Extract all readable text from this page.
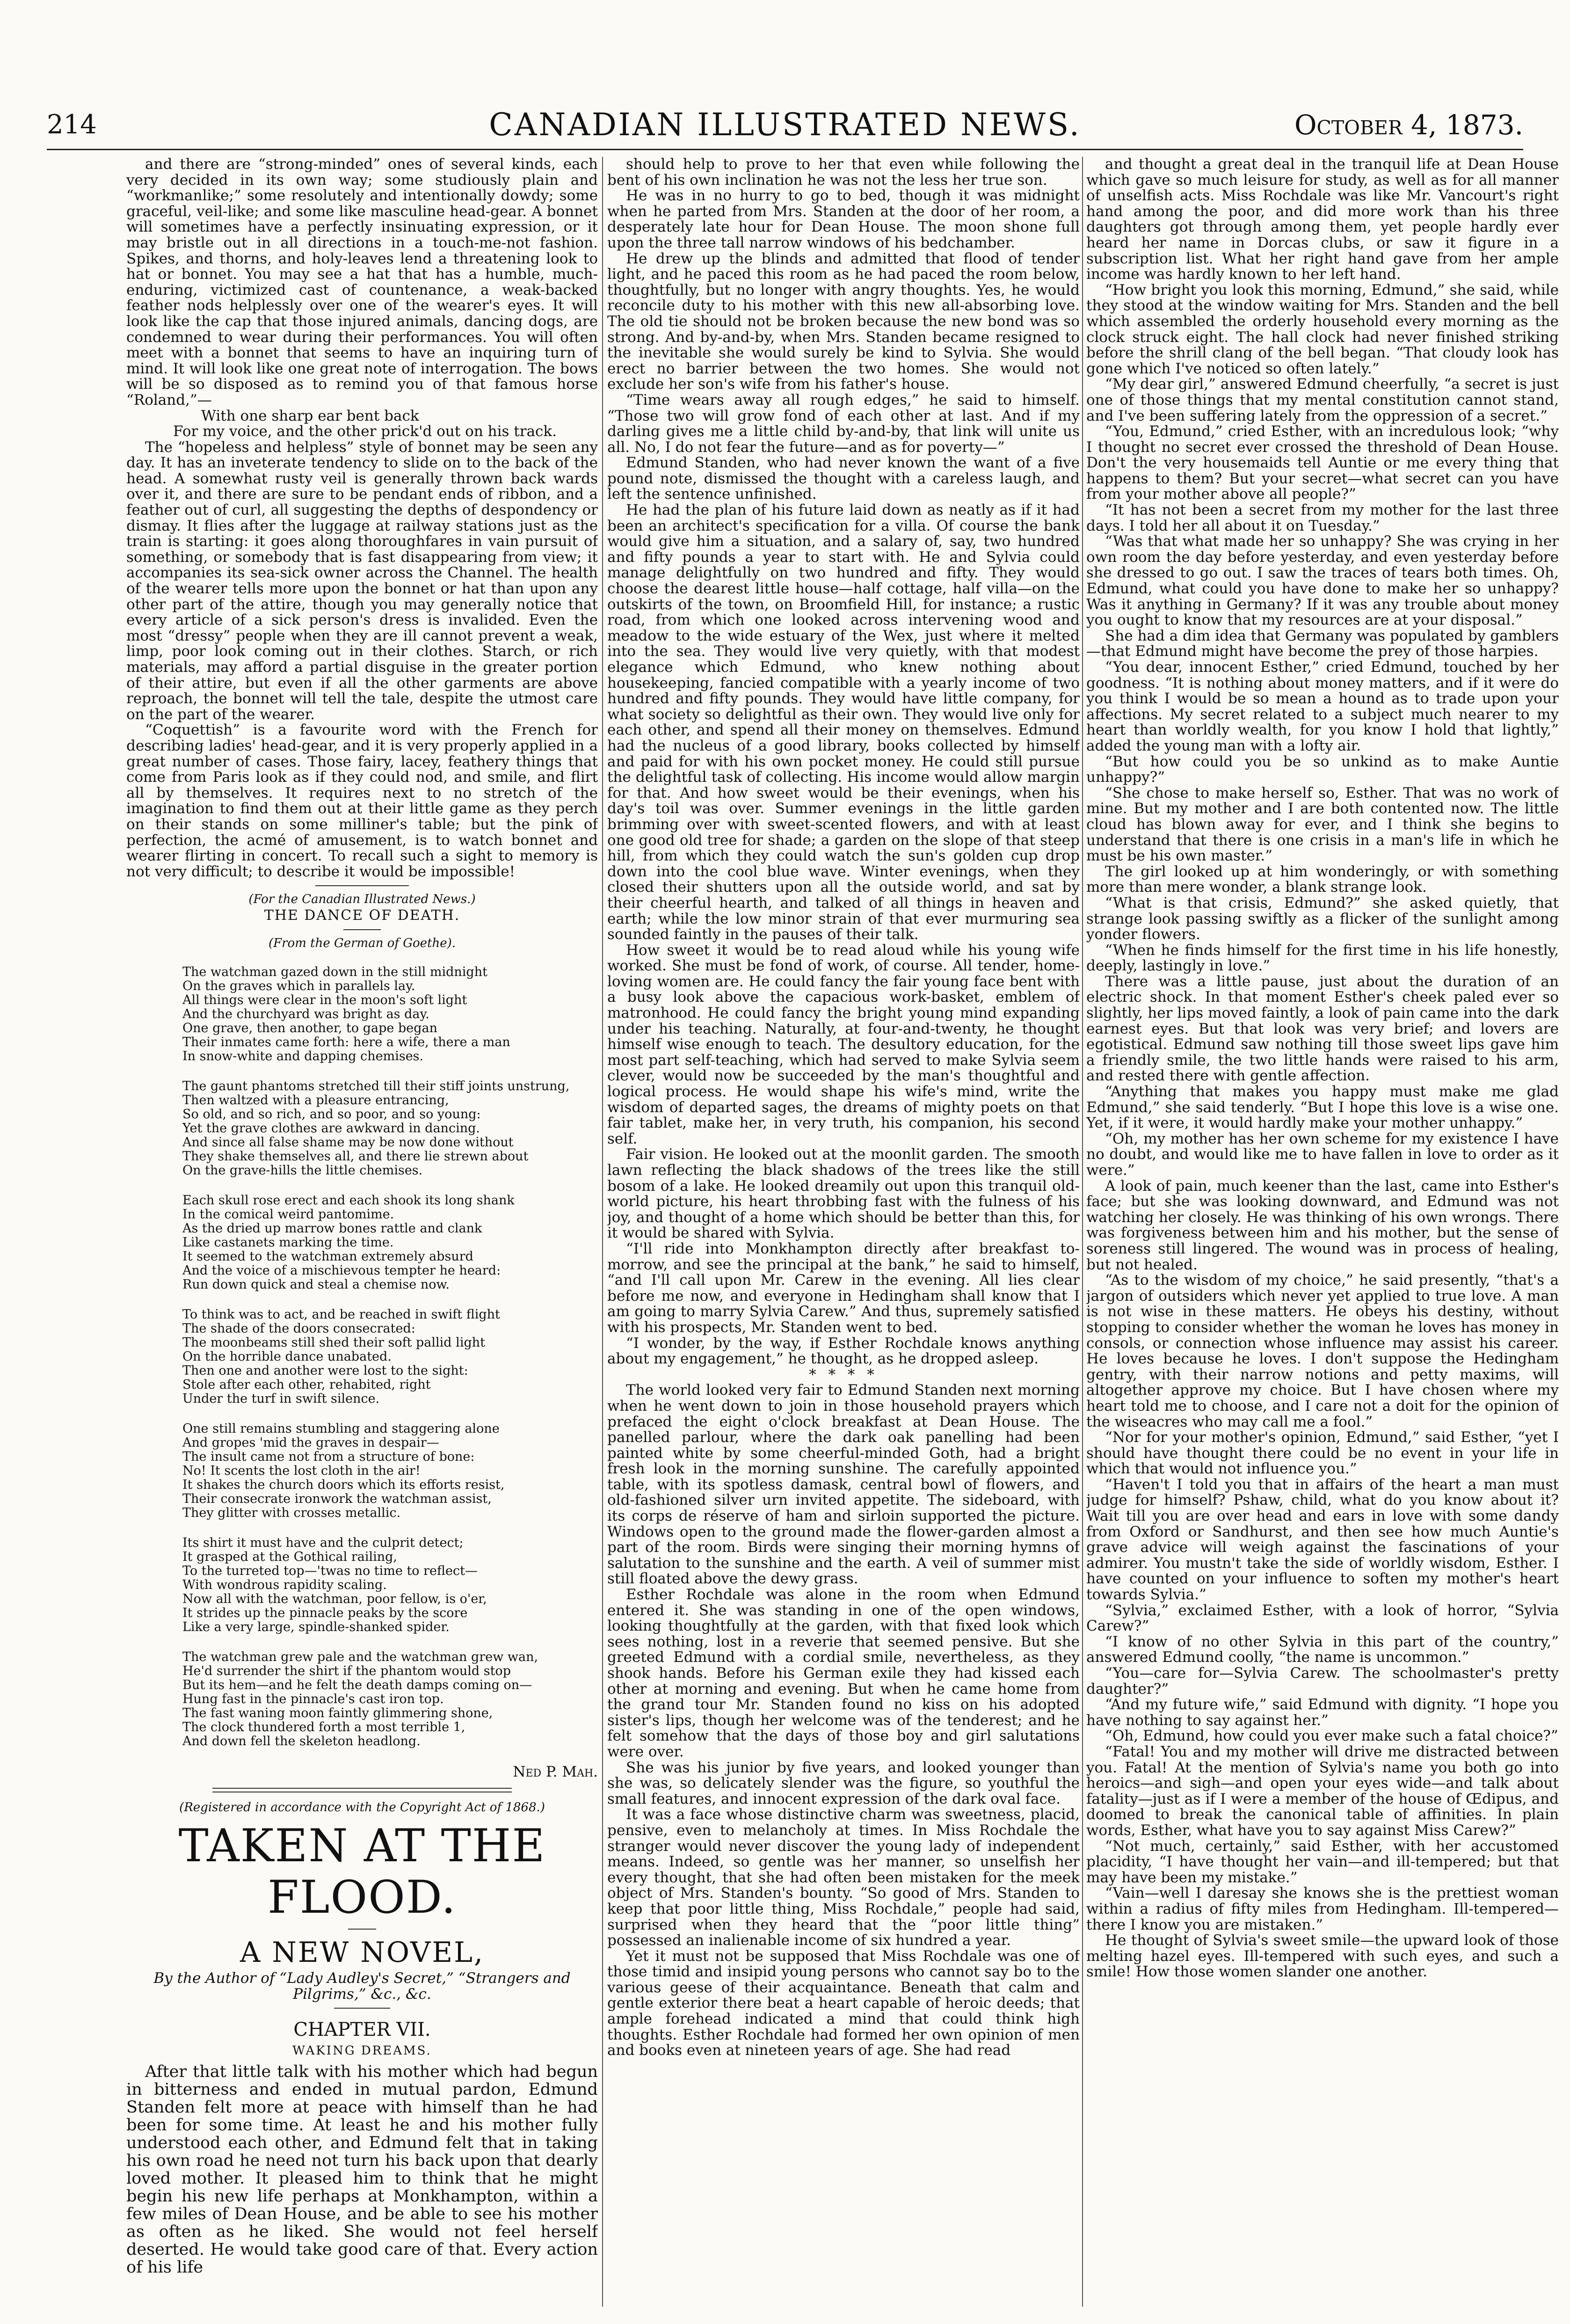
214	CANADIAN ILLUSTRATED NEWS.	October 4, 1873.

and there are “strong-minded” ones of several kinds, each very decided in its own way; some studiously plain and “workmanlike;” some resolutely and intentionally dowdy; some graceful, veil-like; and some like masculine head-gear. A bonnet will sometimes have a perfectly insinuating expression, or it may bristle out in all directions in a touch-me-not fashion. Spikes, and thorns, and holy-leaves lend a threatening look to hat or bonnet. You may see a hat that has a humble, much-enduring, victimized cast of countenance, a weak-backed feather nods helplessly over one of the wearer's eyes. It will look like the cap that those injured animals, dancing dogs, are condemned to wear during their performances. You will often meet with a bonnet that seems to have an inquiring turn of mind. It will look like one great note of interrogation. The bows will be so disposed as to remind you of that famous horse “Roland,”—

With one sharp ear bent back

For my voice, and the other prick'd out on his track.

The “hopeless and helpless” style of bonnet may be seen any day. It has an inveterate tendency to slide on to the back of the head. A somewhat rusty veil is generally thrown back wards over it, and there are sure to be pendant ends of ribbon, and a feather out of curl, all suggesting the depths of despondency or dismay. It flies after the luggage at railway stations just as the train is starting: it goes along thoroughfares in vain pursuit of something, or somebody that is fast disappearing from view; it accompanies its sea-sick owner across the Channel. The health of the wearer tells more upon the bonnet or hat than upon any other part of the attire, though you may generally notice that every article of a sick person's dress is invalided. Even the most “dressy” people when they are ill cannot prevent a weak, limp, poor look coming out in their clothes. Starch, or rich materials, may afford a partial disguise in the greater portion of their attire, but even if all the other garments are above reproach, the bonnet will tell the tale, despite the utmost care on the part of the wearer.

“Coquettish” is a favourite word with the French for describing ladies' head-gear, and it is very properly applied in a great number of cases. Those fairy, lacey, feathery things that come from Paris look as if they could nod, and smile, and flirt all by themselves. It requires next to no stretch of the imagination to find them out at their little game as they perch on their stands on some milliner's table; but the pink of perfection, the acmé of amusement, is to watch bonnet and wearer flirting in concert. To recall such a sight to memory is not very difficult; to describe it would be impossible!

(For the Canadian Illustrated News.)

THE DANCE OF DEATH.

(From the German of Goethe).

The watchman gazed down in the still midnight

On the graves which in parallels lay.

All things were clear in the moon's soft light

And the churchyard was bright as day.

One grave, then another, to gape began

Their inmates came forth: here a wife, there a man

In snow-white and dapping chemises.

The gaunt phantoms stretched till their stiff joints unstrung,

Then waltzed with a pleasure entrancing,

So old, and so rich, and so poor, and so young:

Yet the grave clothes are awkward in dancing.

And since all false shame may be now done without

They shake themselves all, and there lie strewn about

On the grave-hills the little chemises.

Each skull rose erect and each shook its long shank

In the comical weird pantomime.

As the dried up marrow bones rattle and clank

Like castanets marking the time.

It seemed to the watchman extremely absurd

And the voice of a mischievous tempter he heard:

Run down quick and steal a chemise now.

To think was to act, and be reached in swift flight

The shade of the doors consecrated:

The moonbeams still shed their soft pallid light

On the horrible dance unabated.

Then one and another were lost to the sight:

Stole after each other, rehabited, right

Under the turf in swift silence.

One still remains stumbling and staggering alone

And gropes 'mid the graves in despair—

The insult came not from a structure of bone:

No! It scents the lost cloth in the air!

It shakes the church doors which its efforts resist,

Their consecrate ironwork the watchman assist,

They glitter with crosses metallic.

Its shirt it must have and the culprit detect;

It grasped at the Gothical railing,

To the turreted top—'twas no time to reflect—

With wondrous rapidity scaling.

Now all with the watchman, poor fellow, is o'er,

It strides up the pinnacle peaks by the score

Like a very large, spindle-shanked spider.

The watchman grew pale and the watchman grew wan,

He'd surrender the shirt if the phantom would stop

But its hem—and he felt the death damps coming on—

Hung fast in the pinnacle's cast iron top.

The fast waning moon faintly glimmering shone,

The clock thundered forth a most terrible 1,

And down fell the skeleton headlong.

Ned P. Mah.

(Registered in accordance with the Copyright Act of 1868.)

TAKEN AT THE FLOOD.
A NEW NOVEL,

By the Author of “Lady Audley's Secret,” “Strangers and Pilgrims,” &c., &c.

CHAPTER VII.
WAKING DREAMS.

After that little talk with his mother which had begun in bitterness and ended in mutual pardon, Edmund Standen felt more at peace with himself than he had been for some time. At least he and his mother fully understood each other, and Edmund felt that in taking his own road he need not turn his back upon that dearly loved mother. It pleased him to think that he might begin his new life perhaps at Monkhampton, within a few miles of Dean House, and be able to see his mother as often as he liked. She would not feel herself deserted. He would take good care of that. Every action of his life

should help to prove to her that even while following the bent of his own inclination he was not the less her true son.

He was in no hurry to go to bed, though it was midnight when he parted from Mrs. Standen at the door of her room, a desperately late hour for Dean House. The moon shone full upon the three tall narrow windows of his bedchamber.

He drew up the blinds and admitted that flood of tender light, and he paced this room as he had paced the room below, thoughtfully, but no longer with angry thoughts. Yes, he would reconcile duty to his mother with this new all-absorbing love. The old tie should not be broken because the new bond was so strong. And by-and-by, when Mrs. Standen became resigned to the inevitable she would surely be kind to Sylvia. She would erect no barrier between the two homes. She would not exclude her son's wife from his father's house.

“Time wears away all rough edges,” he said to himself. “Those two will grow fond of each other at last. And if my darling gives me a little child by-and-by, that link will unite us all. No, I do not fear the future—and as for poverty—”

Edmund Standen, who had never known the want of a five pound note, dismissed the thought with a careless laugh, and left the sentence unfinished.

He had the plan of his future laid down as neatly as if it had been an architect's specification for a villa. Of course the bank would give him a situation, and a salary of, say, two hundred and fifty pounds a year to start with. He and Sylvia could manage delightfully on two hundred and fifty. They would choose the dearest little house—half cottage, half villa—on the outskirts of the town, on Broomfield Hill, for instance; a rustic road, from which one looked across intervening wood and meadow to the wide estuary of the Wex, just where it melted into the sea. They would live very quietly, with that modest elegance which Edmund, who knew nothing about housekeeping, fancied compatible with a yearly income of two hundred and fifty pounds. They would have little company, for what society so delightful as their own. They would live only for each other, and spend all their money on themselves. Edmund had the nucleus of a good library, books collected by himself and paid for with his own pocket money. He could still pursue the delightful task of collecting. His income would allow margin for that. And how sweet would be their evenings, when his day's toil was over. Summer evenings in the little garden brimming over with sweet-scented flowers, and with at least one good old tree for shade; a garden on the slope of that steep hill, from which they could watch the sun's golden cup drop down into the cool blue wave. Winter evenings, when they closed their shutters upon all the outside world, and sat by their cheerful hearth, and talked of all things in heaven and earth; while the low minor strain of that ever murmuring sea sounded faintly in the pauses of their talk.

How sweet it would be to read aloud while his young wife worked. She must be fond of work, of course. All tender, home-loving women are. He could fancy the fair young face bent with a busy look above the capacious work-basket, emblem of matronhood. He could fancy the bright young mind expanding under his teaching. Naturally, at four-and-twenty, he thought himself wise enough to teach. The desultory education, for the most part self-teaching, which had served to make Sylvia seem clever, would now be succeeded by the man's thoughtful and logical process. He would shape his wife's mind, write the wisdom of departed sages, the dreams of mighty poets on that fair tablet, make her, in very truth, his companion, his second self.

Fair vision. He looked out at the moonlit garden. The smooth lawn reflecting the black shadows of the trees like the still bosom of a lake. He looked dreamily out upon this tranquil old-world picture, his heart throbbing fast with the fulness of his joy, and thought of a home which should be better than this, for it would be shared with Sylvia.

“I'll ride into Monkhampton directly after breakfast to-morrow, and see the principal at the bank,” he said to himself, “and I'll call upon Mr. Carew in the evening. All lies clear before me now, and everyone in Hedingham shall know that I am going to marry Sylvia Carew.” And thus, supremely satisfied with his prospects, Mr. Standen went to bed.

“I wonder, by the way, if Esther Rochdale knows anything about my engagement,” he thought, as he dropped asleep.

* * * *

The world looked very fair to Edmund Standen next morning when he went down to join in those household prayers which prefaced the eight o'clock breakfast at Dean House. The panelled parlour, where the dark oak panelling had been painted white by some cheerful-minded Goth, had a bright fresh look in the morning sunshine. The carefully appointed table, with its spotless damask, central bowl of flowers, and old-fashioned silver urn invited appetite. The sideboard, with its corps de réserve of ham and sirloin supported the picture. Windows open to the ground made the flower-garden almost a part of the room. Birds were singing their morning hymns of salutation to the sunshine and the earth. A veil of summer mist still floated above the dewy grass.

Esther Rochdale was alone in the room when Edmund entered it. She was standing in one of the open windows, looking thoughtfully at the garden, with that fixed look which sees nothing, lost in a reverie that seemed pensive. But she greeted Edmund with a cordial smile, nevertheless, as they shook hands. Before his German exile they had kissed each other at morning and evening. But when he came home from the grand tour Mr. Standen found no kiss on his adopted sister's lips, though her welcome was of the tenderest; and he felt somehow that the days of those boy and girl salutations were over.

She was his junior by five years, and looked younger than she was, so delicately slender was the figure, so youthful the small features, and innocent expression of the dark oval face.

It was a face whose distinctive charm was sweetness, placid, pensive, even to melancholy at times. In Miss Rochdale the stranger would never discover the young lady of independent means. Indeed, so gentle was her manner, so unselfish her every thought, that she had often been mistaken for the meek object of Mrs. Standen's bounty. “So good of Mrs. Standen to keep that poor little thing, Miss Rochdale,” people had said, surprised when they heard that the “poor little thing” possessed an inalienable income of six hundred a year.

Yet it must not be supposed that Miss Rochdale was one of those timid and insipid young persons who cannot say bo to the various geese of their acquaintance. Beneath that calm and gentle exterior there beat a heart capable of heroic deeds; that ample forehead indicated a mind that could think high thoughts. Esther Rochdale had formed her own opinion of men and books even at nineteen years of age. She had read

and thought a great deal in the tranquil life at Dean House which gave so much leisure for study, as well as for all manner of unselfish acts. Miss Rochdale was like Mr. Vancourt's right hand among the poor, and did more work than his three daughters got through among them, yet people hardly ever heard her name in Dorcas clubs, or saw it figure in a subscription list. What her right hand gave from her ample income was hardly known to her left hand.

“How bright you look this morning, Edmund,” she said, while they stood at the window waiting for Mrs. Standen and the bell which assembled the orderly household every morning as the clock struck eight. The hall clock had never finished striking before the shrill clang of the bell began. “That cloudy look has gone which I've noticed so often lately.”

“My dear girl,” answered Edmund cheerfully, “a secret is just one of those things that my mental constitution cannot stand, and I've been suffering lately from the oppression of a secret.”

“You, Edmund,” cried Esther, with an incredulous look; “why I thought no secret ever crossed the threshold of Dean House. Don't the very housemaids tell Auntie or me every thing that happens to them? But your secret—what secret can you have from your mother above all people?”

“It has not been a secret from my mother for the last three days. I told her all about it on Tuesday.”

“Was that what made her so unhappy? She was crying in her own room the day before yesterday, and even yesterday before she dressed to go out. I saw the traces of tears both times. Oh, Edmund, what could you have done to make her so unhappy? Was it anything in Germany? If it was any trouble about money you ought to know that my resources are at your disposal.”

She had a dim idea that Germany was populated by gamblers—that Edmund might have become the prey of those harpies.

“You dear, innocent Esther,” cried Edmund, touched by her goodness. “It is nothing about money matters, and if it were do you think I would be so mean a hound as to trade upon your affections. My secret related to a subject much nearer to my heart than worldly wealth, for you know I hold that lightly,” added the young man with a lofty air.

“But how could you be so unkind as to make Auntie unhappy?”

“She chose to make herself so, Esther. That was no work of mine. But my mother and I are both contented now. The little cloud has blown away for ever, and I think she begins to understand that there is one crisis in a man's life in which he must be his own master.”

The girl looked up at him wonderingly, or with something more than mere wonder, a blank strange look.

“What is that crisis, Edmund?” she asked quietly, that strange look passing swiftly as a flicker of the sunlight among yonder flowers.

“When he finds himself for the first time in his life honestly, deeply, lastingly in love.”

There was a little pause, just about the duration of an electric shock. In that moment Esther's cheek paled ever so slightly, her lips moved faintly, a look of pain came into the dark earnest eyes. But that look was very brief; and lovers are egotistical. Edmund saw nothing till those sweet lips gave him a friendly smile, the two little hands were raised to his arm, and rested there with gentle affection.

“Anything that makes you happy must make me glad Edmund,” she said tenderly. “But I hope this love is a wise one. Yet, if it were, it would hardly make your mother unhappy.”

“Oh, my mother has her own scheme for my existence I have no doubt, and would like me to have fallen in love to order as it were.”

A look of pain, much keener than the last, came into Esther's face; but she was looking downward, and Edmund was not watching her closely. He was thinking of his own wrongs. There was forgiveness between him and his mother, but the sense of soreness still lingered. The wound was in process of healing, but not healed.

“As to the wisdom of my choice,” he said presently, “that's a jargon of outsiders which never yet applied to true love. A man is not wise in these matters. He obeys his destiny, without stopping to consider whether the woman he loves has money in consols, or connection whose influence may assist his career. He loves because he loves. I don't suppose the Hedingham gentry, with their narrow notions and petty maxims, will altogether approve my choice. But I have chosen where my heart told me to choose, and I care not a doit for the opinion of the wiseacres who may call me a fool.”

“Nor for your mother's opinion, Edmund,” said Esther, “yet I should have thought there could be no event in your life in which that would not influence you.”

“Haven't I told you that in affairs of the heart a man must judge for himself? Pshaw, child, what do you know about it? Wait till you are over head and ears in love with some dandy from Oxford or Sandhurst, and then see how much Auntie's grave advice will weigh against the fascinations of your admirer. You mustn't take the side of worldly wisdom, Esther. I have counted on your influence to soften my mother's heart towards Sylvia.”

“Sylvia,” exclaimed Esther, with a look of horror, “Sylvia Carew?”

“I know of no other Sylvia in this part of the country,” answered Edmund coolly, “the name is uncommon.”

“You—care for—Sylvia Carew. The schoolmaster's pretty daughter?”

“And my future wife,” said Edmund with dignity. “I hope you have nothing to say against her.”

“Oh, Edmund, how could you ever make such a fatal choice?”

“Fatal! You and my mother will drive me distracted between you. Fatal! At the mention of Sylvia's name you both go into heroics—and sigh—and open your eyes wide—and talk about fatality—just as if I were a member of the house of Œdipus, and doomed to break the canonical table of affinities. In plain words, Esther, what have you to say against Miss Carew?”

“Not much, certainly,” said Esther, with her accustomed placidity, “I have thought her vain—and ill-tempered; but that may have been my mistake.”

“Vain—well I daresay she knows she is the prettiest woman within a radius of fifty miles from Hedingham. Ill-tempered—there I know you are mistaken.”

He thought of Sylvia's sweet smile—the upward look of those melting hazel eyes. Ill-tempered with such eyes, and such a smile! How those women slander one another.
